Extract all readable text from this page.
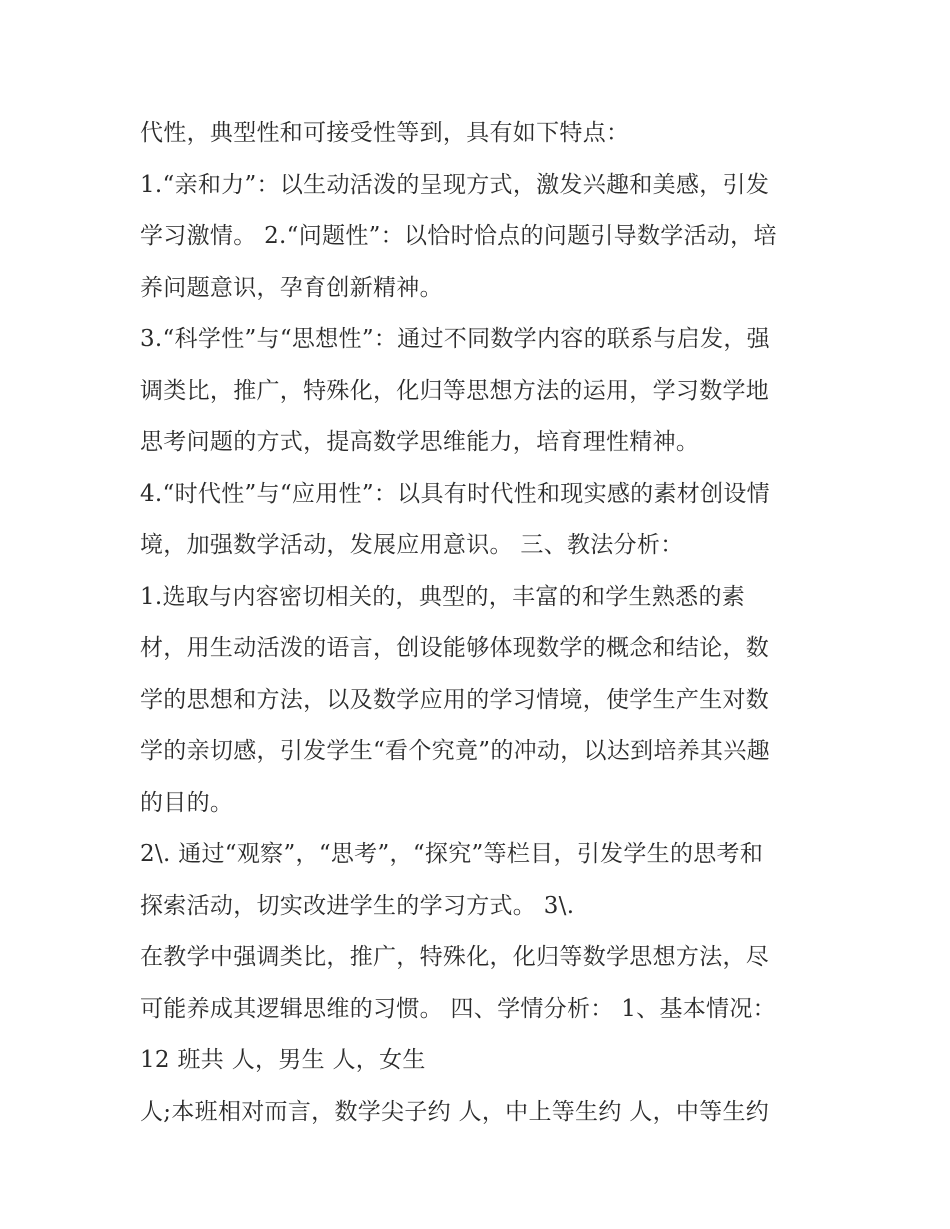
代性，典型性和可接受性等到，具有如下特点：
1.“亲和力”：以生动活泼的呈现方式，激发兴趣和美感，引发
学习激情。 2.“问题性”：以恰时恰点的问题引导数学活动，培
养问题意识，孕育创新精神。
3.“科学性”与“思想性”：通过不同数学内容的联系与启发，强
调类比，推广，特殊化，化归等思想方法的运用，学习数学地
思考问题的方式，提高数学思维能力，培育理性精神。
4.“时代性”与“应用性”：以具有时代性和现实感的素材创设情
境，加强数学活动，发展应用意识。 三、教法分析：
1.选取与内容密切相关的，典型的，丰富的和学生熟悉的素
材，用生动活泼的语言，创设能够体现数学的概念和结论，数
学的思想和方法，以及数学应用的学习情境，使学生产生对数
学的亲切感，引发学生“看个究竟”的冲动，以达到培养其兴趣
的目的。
2\. 通过“观察”，“思考”，“探究”等栏目，引发学生的思考和
探索活动，切实改进学生的学习方式。 3\.
在教学中强调类比，推广，特殊化，化归等数学思想方法，尽
可能养成其逻辑思维的习惯。 四、学情分析： 1、基本情况：
12 班共 人，男生 人，女生
人;本班相对而言，数学尖子约 人，中上等生约 人，中等生约
